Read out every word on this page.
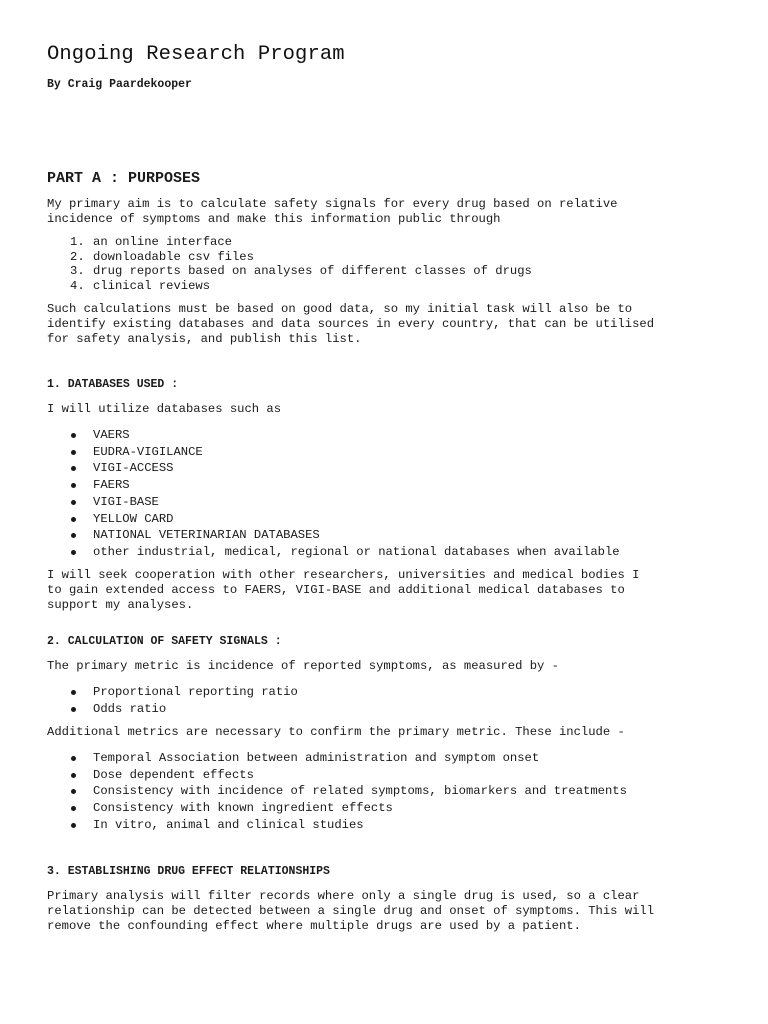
Ongoing Research Program

By Craig Paardekooper

PART A : PURPOSES

My primary aim is to calculate safety signals for every drug based on relative
incidence of symptoms and make this information public through

1. an online interface
2. downloadable csv files
3. drug reports based on analyses of different classes of drugs
4. clinical reviews

Such calculations must be based on good data, so my initial task will also be to
identify existing databases and data sources in every country, that can be utilised
for safety analysis, and publish this list.

1. DATABASES USED :

I will utilize databases such as

VAERS
EUDRA-VIGILANCE
VIGI-ACCESS
FAERS
VIGI-BASE
YELLOW CARD
NATIONAL VETERINARIAN DATABASES
other industrial, medical, regional or national databases when available

I will seek cooperation with other researchers, universities and medical bodies I
to gain extended access to FAERS, VIGI-BASE and additional medical databases to
support my analyses.

2. CALCULATION OF SAFETY SIGNALS :

The primary metric is incidence of reported symptoms, as measured by -

Proportional reporting ratio
Odds ratio

Additional metrics are necessary to confirm the primary metric. These include -

Temporal Association between administration and symptom onset
Dose dependent effects
Consistency with incidence of related symptoms, biomarkers and treatments
Consistency with known ingredient effects
In vitro, animal and clinical studies
3. ESTABLISHING DRUG EFFECT RELATIONSHIPS

Primary analysis will filter records where only a single drug is used, so a clear
relationship can be detected between a single drug and onset of symptoms. This will
remove the confounding effect where multiple drugs are used by a patient.
